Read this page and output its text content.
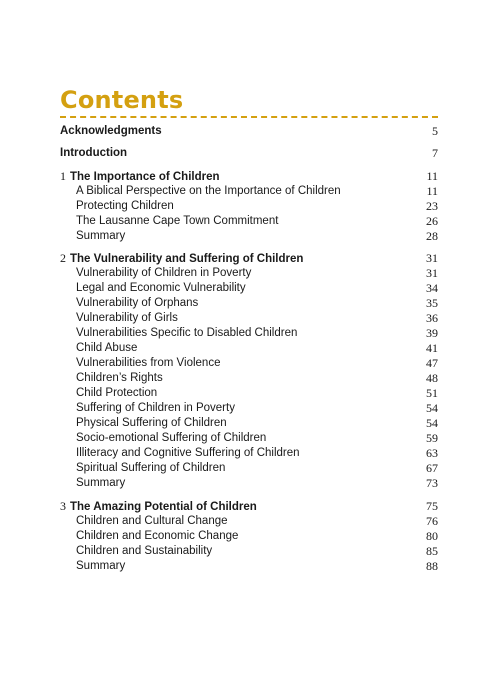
Contents
Acknowledgments	5
Introduction	7
1 The Importance of Children	11
A Biblical Perspective on the Importance of Children	11
Protecting Children	23
The Lausanne Cape Town Commitment	26
Summary	28
2 The Vulnerability and Suffering of Children	31
Vulnerability of Children in Poverty	31
Legal and Economic Vulnerability	34
Vulnerability of Orphans	35
Vulnerability of Girls	36
Vulnerabilities Specific to Disabled Children	39
Child Abuse	41
Vulnerabilities from Violence	47
Children’s Rights	48
Child Protection	51
Suffering of Children in Poverty	54
Physical Suffering of Children	54
Socio-emotional Suffering of Children	59
Illiteracy and Cognitive Suffering of Children	63
Spiritual Suffering of Children	67
Summary	73
3 The Amazing Potential of Children	75
Children and Cultural Change	76
Children and Economic Change	80
Children and Sustainability	85
Summary	88
